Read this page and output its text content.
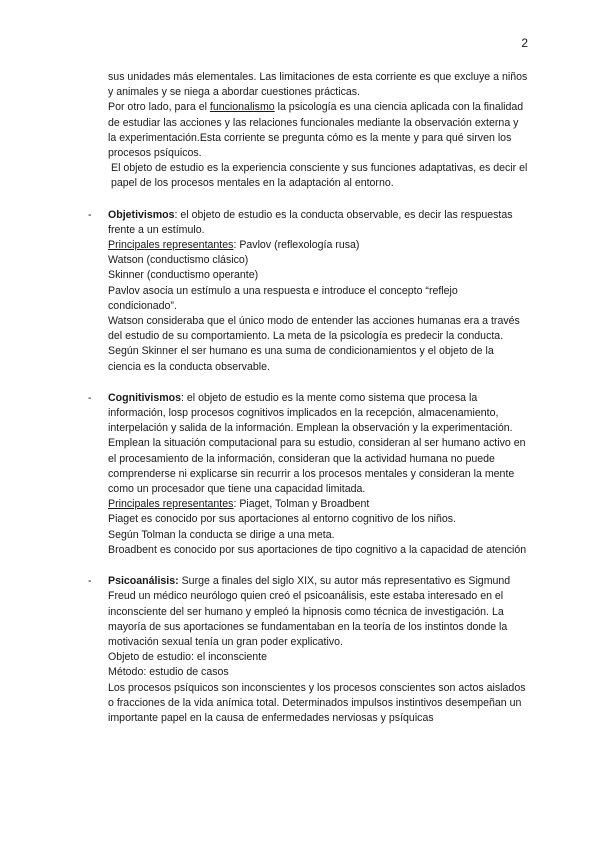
2

sus unidades más elementales. Las limitaciones de esta corriente es que excluye a niños y animales y se niega a abordar cuestiones prácticas.

Por otro lado, para el funcionalismo la psicología es una ciencia aplicada con la finalidad de estudiar las acciones y las relaciones funcionales mediante la observación externa y la experimentación.Esta corriente se pregunta cómo es la mente y para qué sirven los procesos psíquicos.

El objeto de estudio es la experiencia consciente y sus funciones adaptativas, es decir el papel de los procesos mentales en la adaptación al entorno.

- Objetivismos: el objeto de estudio es la conducta observable, es decir las respuestas frente a un estímulo.

Principales representantes: Pavlov (reflexología rusa)

Watson (conductismo clásico)

Skinner (conductismo operante)

Pavlov asocia un estímulo a una respuesta e introduce el concepto “reflejo condicionado”.

Watson consideraba que el único modo de entender las acciones humanas era a través del estudio de su comportamiento. La meta de la psicología es predecir la conducta.

Según Skinner el ser humano es una suma de condicionamientos y el objeto de la ciencia es la conducta observable.

- Cognitivismos: el objeto de estudio es la mente como sistema que procesa la información, losp procesos cognitivos implicados en la recepción, almacenamiento, interpelación y salida de la información. Emplean la observación y la experimentación.

Emplean la situación computacional para su estudio, consideran al ser humano activo en el procesamiento de la información, consideran que la actividad humana no puede comprenderse ni explicarse sin recurrir a los procesos mentales y consideran la mente como un procesador que tiene una capacidad limitada.

Principales representantes: Piaget, Tolman y Broadbent

Piaget es conocido por sus aportaciones al entorno cognitivo de los niños.

Según Tolman la conducta se dirige a una meta.

Broadbent es conocido por sus aportaciones de tipo cognitivo a la capacidad de atención

- Psicoanálisis: Surge a finales del siglo XIX, su autor más representativo es Sigmund Freud un médico neurólogo quien creó el psicoanálisis, este estaba interesado en el inconsciente del ser humano y empleó la hipnosis como técnica de investigación. La mayoría de sus aportaciones se fundamentaban en la teoría de los instintos donde la motivación sexual tenía un gran poder explicativo.

Objeto de estudio: el inconsciente

Método: estudio de casos

Los procesos psíquicos son inconscientes y los procesos conscientes son actos aislados o fracciones de la vida anímica total. Determinados impulsos instintivos desempeñan un importante papel en la causa de enfermedades nerviosas y psíquicas
